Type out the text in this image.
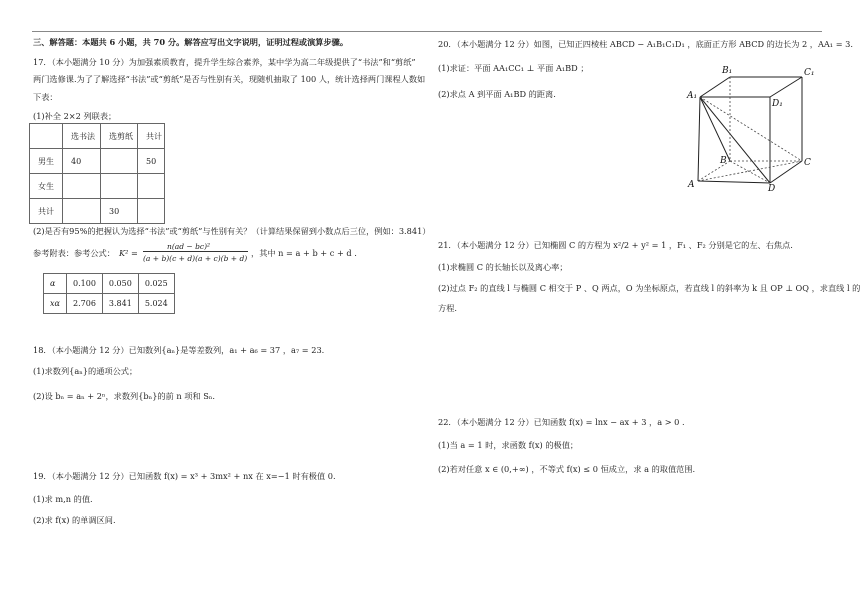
三、解答题：本题共 6 小题，共 70 分。解答应写出文字说明，证明过程或演算步骤。
17．（本小题满分 10 分）为加强素质教育，提升学生综合素养，某中学为高二年级提供了“书法”和“剪纸”
两门选修课.为了了解选择“书法”或“剪纸”是否与性别有关，现随机抽取了 100 人，统计选择两门课程人数如
下表：
(1)补全 2×2 列联表；
	选书法	选剪纸	共计
男生	40		50
女生			
共计		30	
(2)是否有95%的把握认为选择“书法”或“剪纸”与性别有关？（计算结果保留到小数点后三位，例如：3.841）
参考附表：参考公式： K² =
n(ad − bc)²
(a + b)(c + d)(a + c)(b + d)
，其中 n = a + b + c + d .
α	0.100	0.050	0.025
xα	2.706	3.841	5.024
18．（本小题满分 12 分）已知数列{aₙ}是等差数列，a₁ + a₆ = 37 ，a₇ = 23.
(1)求数列{aₙ}的通项公式；
(2)设 bₙ = aₙ + 2ⁿ，求数列{bₙ}的前 n 项和 Sₙ.
19．（本小题满分 12 分）已知函数 f(x) = x³ + 3mx² + nx 在 x=−1 时有极值 0.
(1)求 m,n 的值.
(2)求 f(x) 的单调区间.
20．（本小题满分 12 分）如图，已知正四棱柱 ABCD − A₁B₁C₁D₁ ，底面正方形 ABCD 的边长为 2 ，AA₁ = 3.
(1)求证：平面 AA₁CC₁ ⊥ 平面 A₁BD ；
(2)求点 A 到平面 A₁BD 的距离.
B₁	C₁
A₁
D₁
B	C
A	D
21．（本小题满分 12 分）已知椭圆 C 的方程为 x²/2 + y² = 1 ，F₁ 、F₂ 分别是它的左、右焦点.
(1)求椭圆 C 的长轴长以及离心率；
(2)过点 F₂ 的直线 l 与椭圆 C 相交于 P 、Q 两点，O 为坐标原点，若直线 l 的斜率为 k 且 OP ⊥ OQ ，求直线 l 的
方程.
22．（本小题满分 12 分）已知函数 f(x) = lnx − ax + 3 ，a > 0 .
(1)当 a = 1 时，求函数 f(x) 的极值；
(2)若对任意 x ∈ (0,+∞) ，不等式 f(x) ≤ 0 恒成立，求 a 的取值范围.
